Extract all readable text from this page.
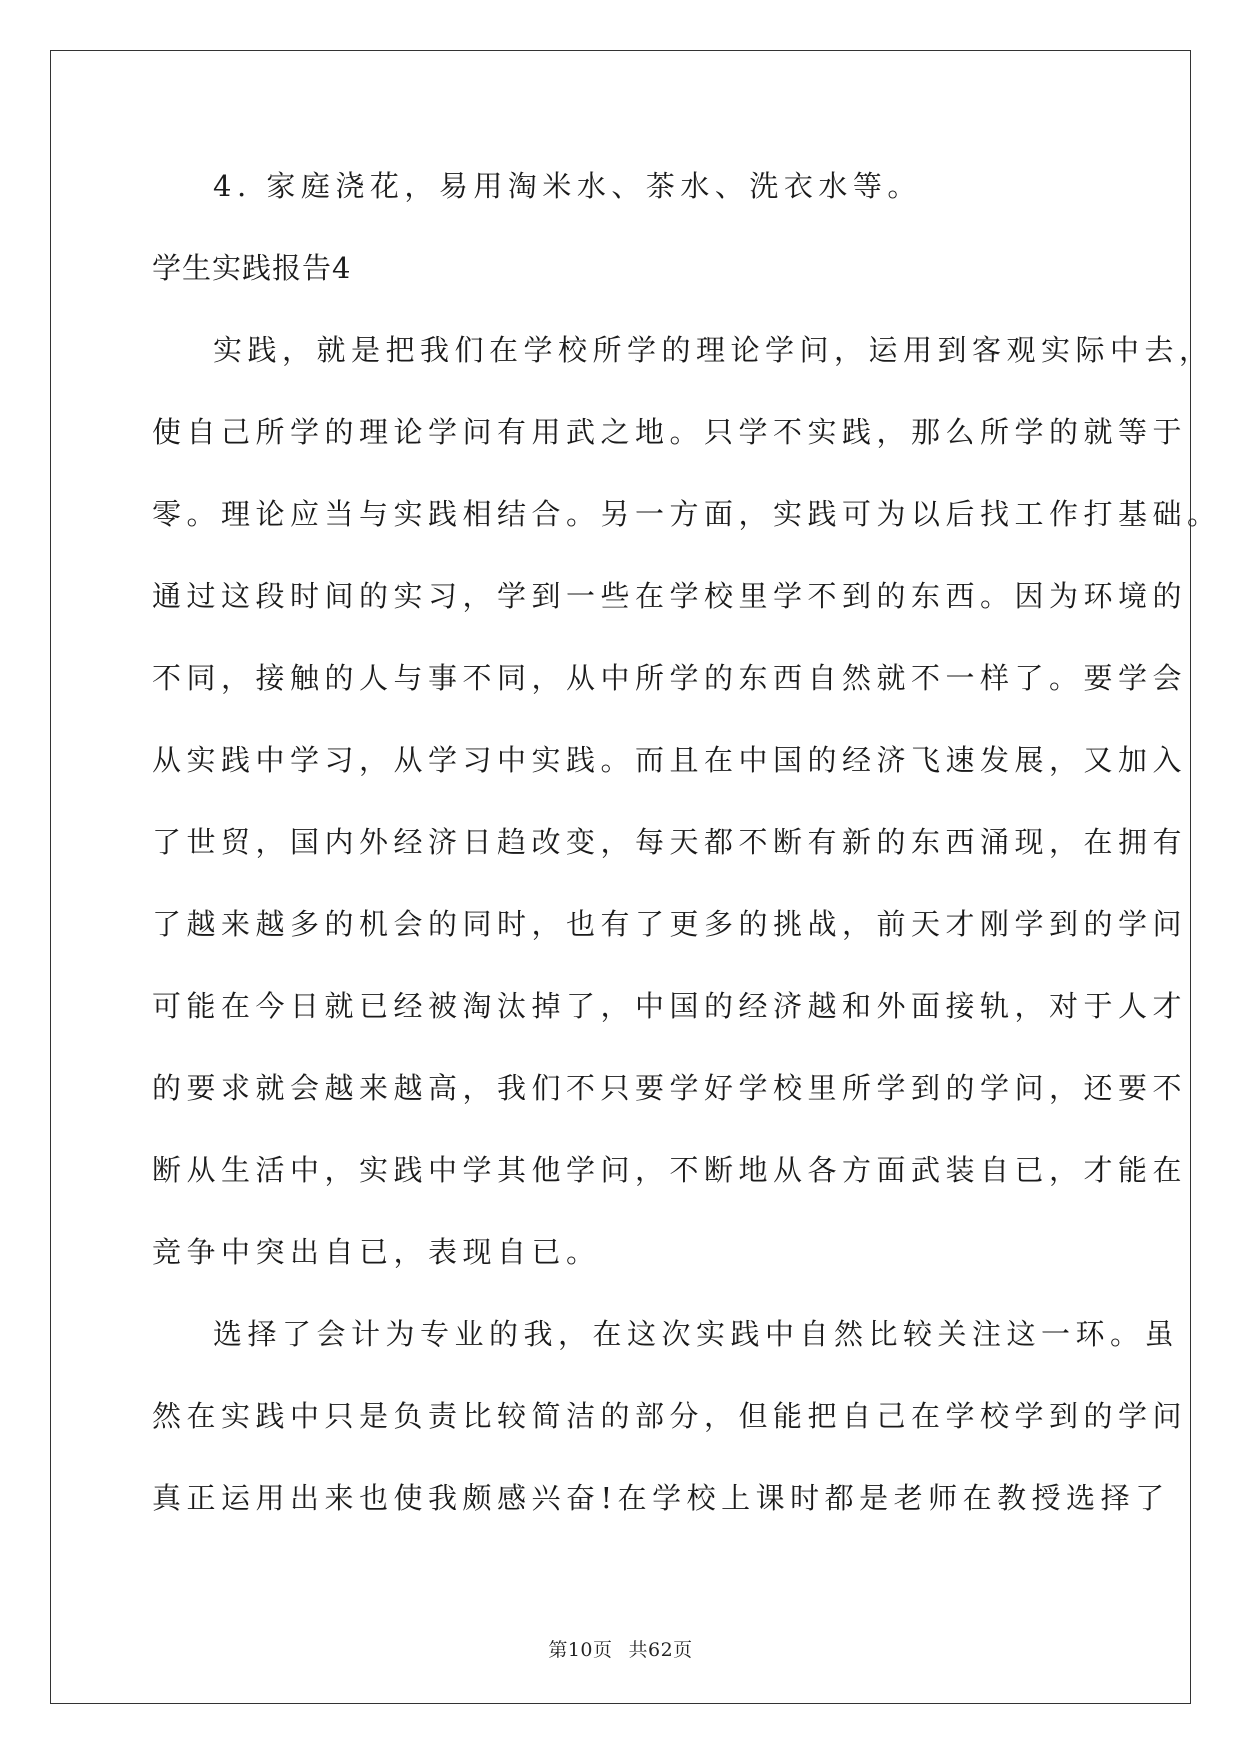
4. 家庭浇花，易用淘米水、茶水、洗衣水等。
学生实践报告4
实践，就是把我们在学校所学的理论学问，运用到客观实际中去，
使自己所学的理论学问有用武之地。只学不实践，那么所学的就等于
零。理论应当与实践相结合。另一方面，实践可为以后找工作打基础。
通过这段时间的实习，学到一些在学校里学不到的东西。因为环境的
不同，接触的人与事不同，从中所学的东西自然就不一样了。要学会
从实践中学习，从学习中实践。而且在中国的经济飞速发展，又加入
了世贸，国内外经济日趋改变，每天都不断有新的东西涌现，在拥有
了越来越多的机会的同时，也有了更多的挑战，前天才刚学到的学问
可能在今日就已经被淘汰掉了，中国的经济越和外面接轨，对于人才
的要求就会越来越高，我们不只要学好学校里所学到的学问，还要不
断从生活中，实践中学其他学问，不断地从各方面武装自已，才能在
竞争中突出自已，表现自已。
选择了会计为专业的我，在这次实践中自然比较关注这一环。虽
然在实践中只是负责比较简洁的部分，但能把自己在学校学到的学问
真正运用出来也使我颇感兴奋!在学校上课时都是老师在教授选择了
第10页 共62页
